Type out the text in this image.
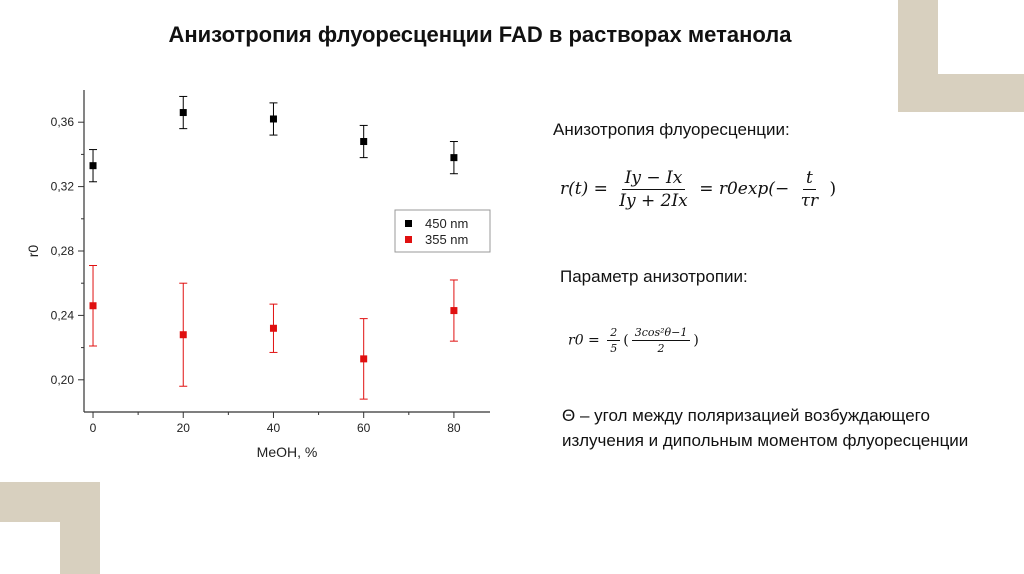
Анизотропия флуоресценции FAD в растворах метанола
0,20
0,24
0,28
0,32
0,36
0	20	40	60	80
MeOH, %
r0
450 nm
355 nm
Анизотропия флуоресценции:
$r(t) = \frac{Iy - Ix}{Iy + 2Ix} = r0\exp(- \frac{t}{\tau r}$ )
Параметр анизотропии:
$r0 = \frac{2}{5}$ ( $\frac{\text{3cos²θ−1}}{2}$ )
Θ – угол между поляризацией возбуждающего излучения и дипольным моментом флуоресценции
